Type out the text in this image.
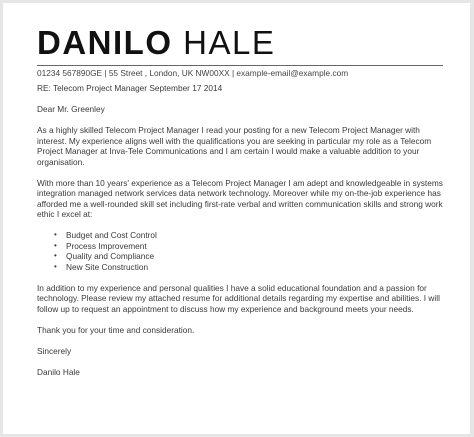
DANILO HALE
01234 567890GE | 55 Street , London, UK NW00XX | example-email@example.com

RE: Telecom Project Manager September 17 2014

Dear Mr. Greenley

As a highly skilled Telecom Project Manager I read your posting for a new Telecom Project Manager with interest. My experience aligns well with the qualifications you are seeking in particular my role as a Telecom Project Manager at Inva-Tele Communications and I am certain I would make a valuable addition to your organisation.

With more than 10 years' experience as a Telecom Project Manager I am adept and knowledgeable in systems integration managed network services data network technology. Moreover while my on-the-job experience has afforded me a well-rounded skill set including first-rate verbal and written communication skills and strong work ethic I excel at:

• Budget and Cost Control
• Process Improvement
• Quality and Compliance
• New Site Construction

In addition to my experience and personal qualities I have a solid educational foundation and a passion for technology. Please review my attached resume for additional details regarding my expertise and abilities. I will follow up to request an appointment to discuss how my experience and background meets your needs.

Thank you for your time and consideration.

Sincerely

Danilo Hale
